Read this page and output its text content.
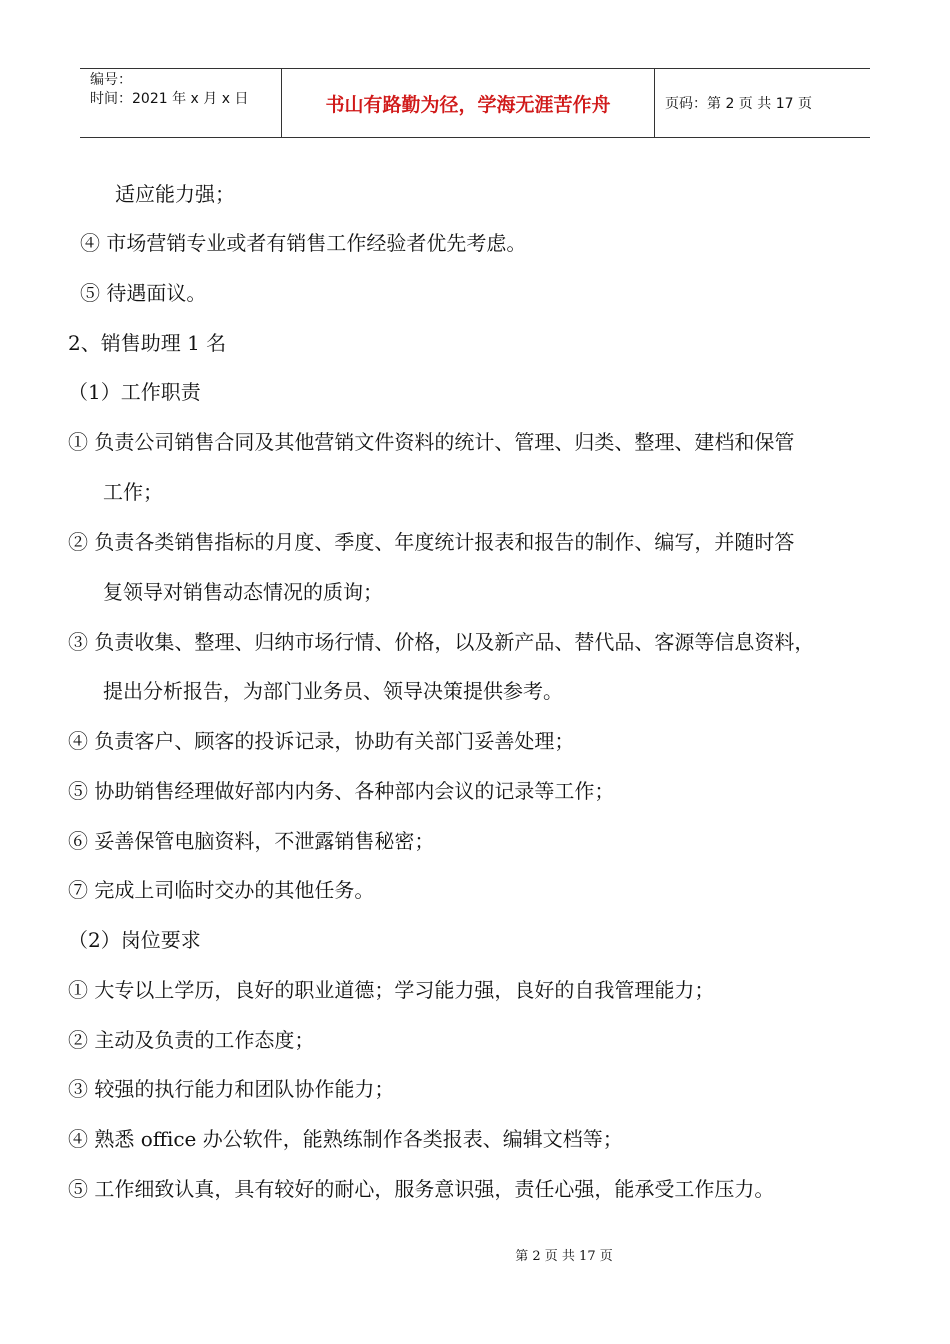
编号：
时间：2021 年 x 月 x 日	书山有路勤为径，学海无涯苦作舟	页码：第 2 页 共 17 页
适应能力强；
④ 市场营销专业或者有销售工作经验者优先考虑。
⑤ 待遇面议。
2、销售助理 1 名
（1）工作职责
① 负责公司销售合同及其他营销文件资料的统计、管理、归类、整理、建档和保管
工作；
② 负责各类销售指标的月度、季度、年度统计报表和报告的制作、编写，并随时答
复领导对销售动态情况的质询；
③ 负责收集、整理、归纳市场行情、价格，以及新产品、替代品、客源等信息资料，
提出分析报告，为部门业务员、领导决策提供参考。
④ 负责客户、顾客的投诉记录，协助有关部门妥善处理；
⑤ 协助销售经理做好部内内务、各种部内会议的记录等工作；
⑥ 妥善保管电脑资料，不泄露销售秘密；
⑦ 完成上司临时交办的其他任务。
（2）岗位要求
① 大专以上学历，良好的职业道德；学习能力强，良好的自我管理能力；
② 主动及负责的工作态度；
③ 较强的执行能力和团队协作能力；
④ 熟悉 office 办公软件，能熟练制作各类报表、编辑文档等；
⑤ 工作细致认真，具有较好的耐心，服务意识强，责任心强，能承受工作压力。
第 2 页 共 17 页
